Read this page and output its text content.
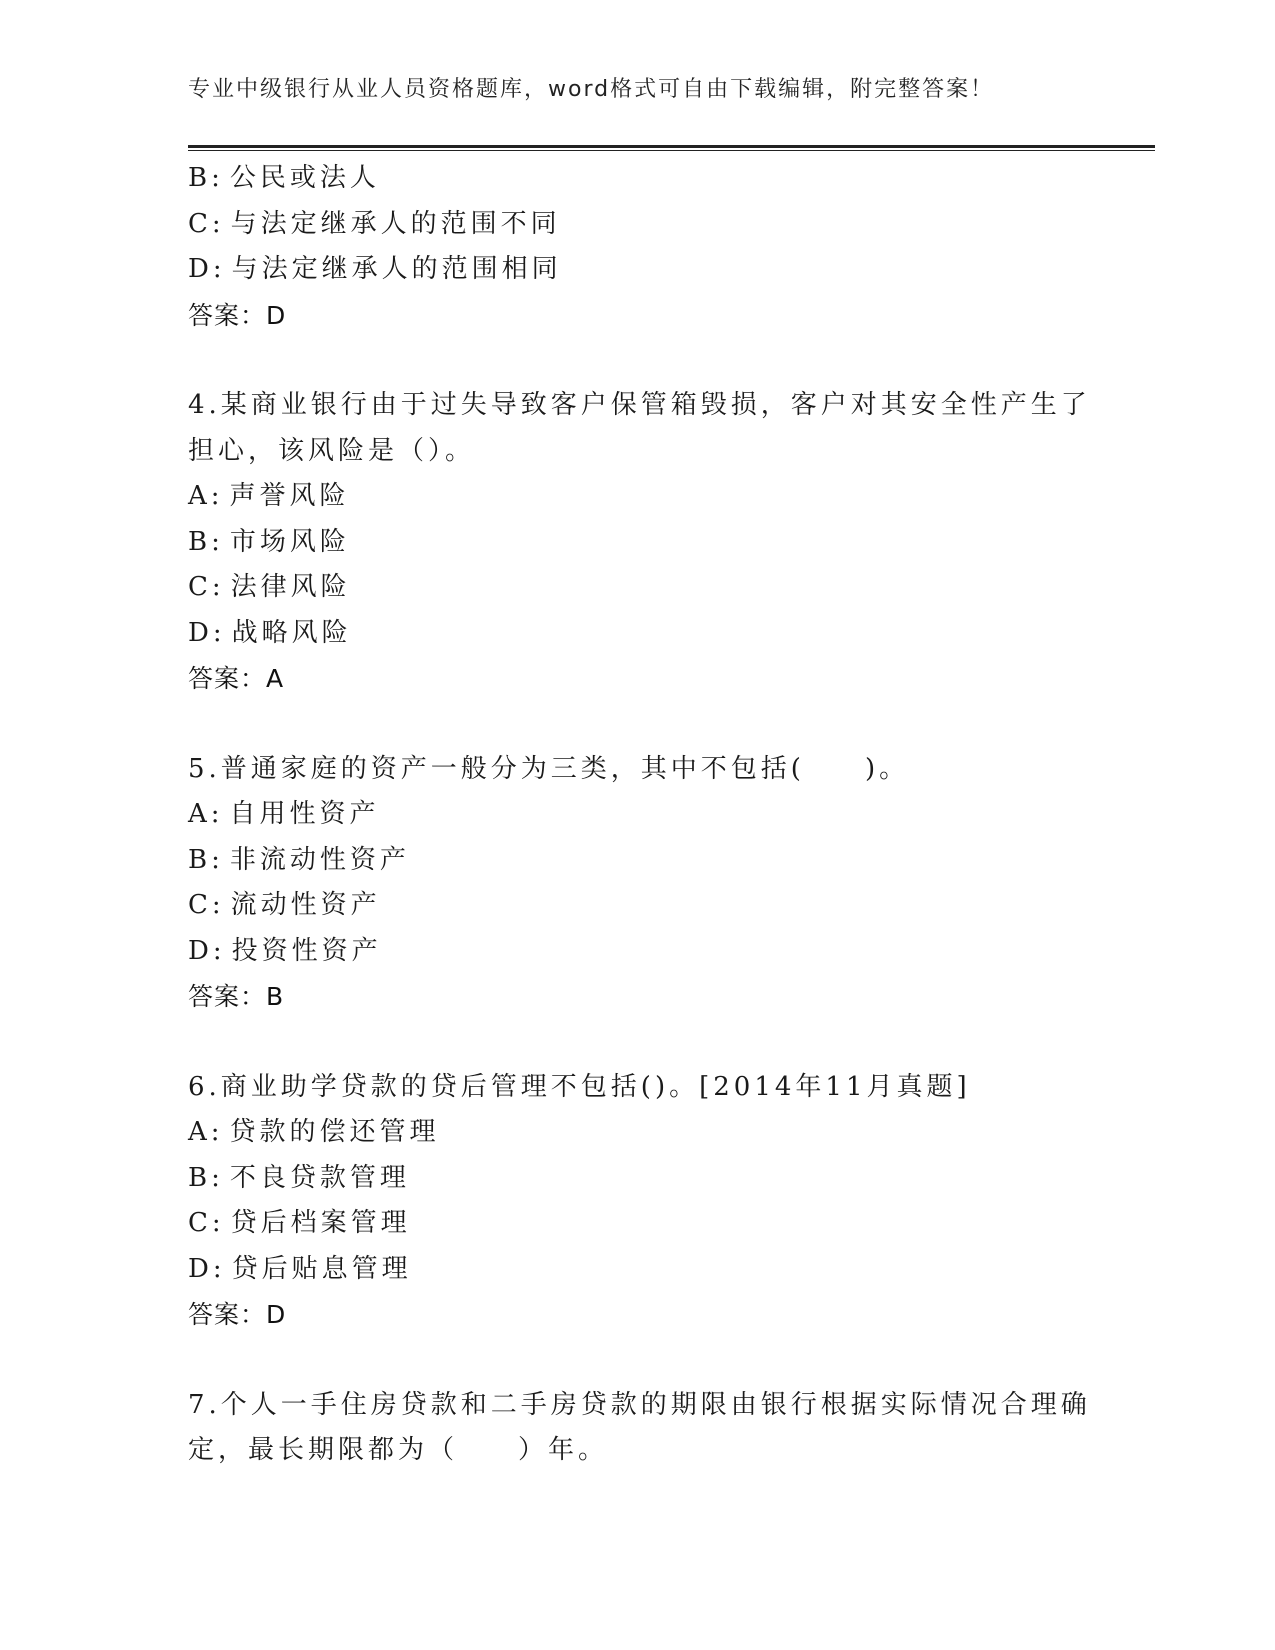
专业中级银行从业人员资格题库，word格式可自由下载编辑，附完整答案！
B: 公民或法人
C: 与法定继承人的范围不同
D: 与法定继承人的范围相同
答案：D
4.某商业银行由于过失导致客户保管箱毁损，客户对其安全性产生了
担心，该风险是（）。
A: 声誉风险
B: 市场风险
C: 法律风险
D: 战略风险
答案：A
5.普通家庭的资产一般分为三类，其中不包括(　　)。
A: 自用性资产
B: 非流动性资产
C: 流动性资产
D: 投资性资产
答案：B
6.商业助学贷款的贷后管理不包括()。[2014年11月真题]
A: 贷款的偿还管理
B: 不良贷款管理
C: 贷后档案管理
D: 贷后贴息管理
答案：D
7.个人一手住房贷款和二手房贷款的期限由银行根据实际情况合理确
定，最长期限都为（　　）年。
